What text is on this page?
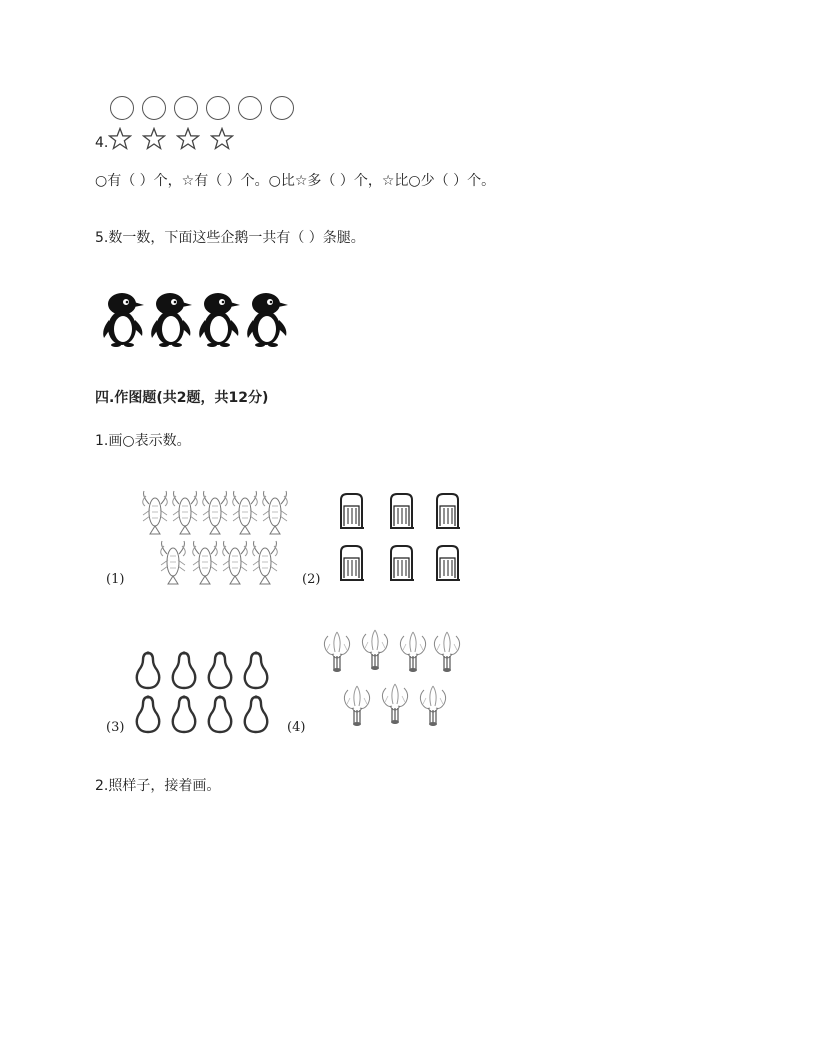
4.
○有（ ）个，☆有（ ）个。○比☆多（ ）个，☆比○少（ ）个。
5.数一数，下面这些企鹅一共有（ ）条腿。
四.作图题(共2题，共12分)
1.画○表示数。
(1)	(2)
(3)	(4)
2.照样子，接着画。
